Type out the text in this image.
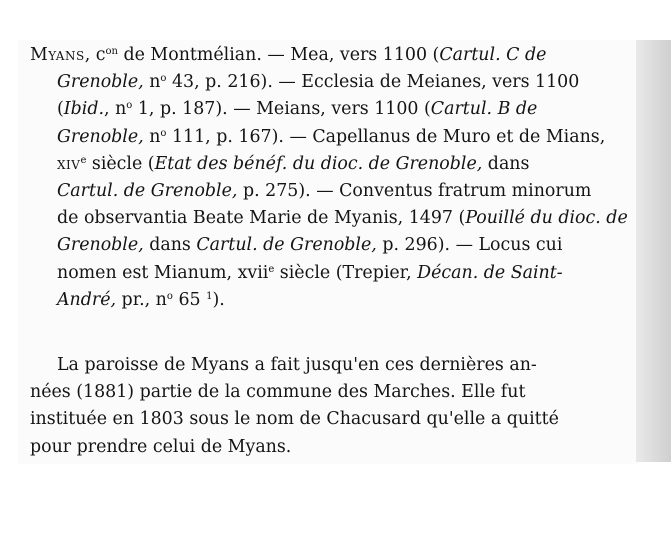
Myans, $c^{on}$ de Montmélian. — Mea, vers 1100 (Cartul. C de
Grenoble, $n^o$ 43, p. 216). — Ecclesia de Meianes, vers 1100
(Ibid., $n^o$ 1, p. 187). — Meians, vers 1100 (Cartul. B de
Grenoble, $n^o$ 111, p. 167). — Capellanus de Muro et de Mians,
xiv$^e$ siècle (Etat des bénéf. du dioc. de Grenoble, dans
Cartul. de Grenoble, p. 275). — Conventus fratrum minorum
de observantia Beate Marie de Myanis, 1497 (Pouillé du dioc. de
Grenoble, dans Cartul. de Grenoble, p. 296). — Locus cui
nomen est Mianum, xvii$^e$ siècle (Trepier, Décan. de Saint-
André, pr., $n^o$ 65 $^1$).
La paroisse de Myans a fait jusqu'en ces dernières an-
nées (1881) partie de la commune des Marches. Elle fut
instituée en 1803 sous le nom de Chacusard qu'elle a quitté
pour prendre celui de Myans.
